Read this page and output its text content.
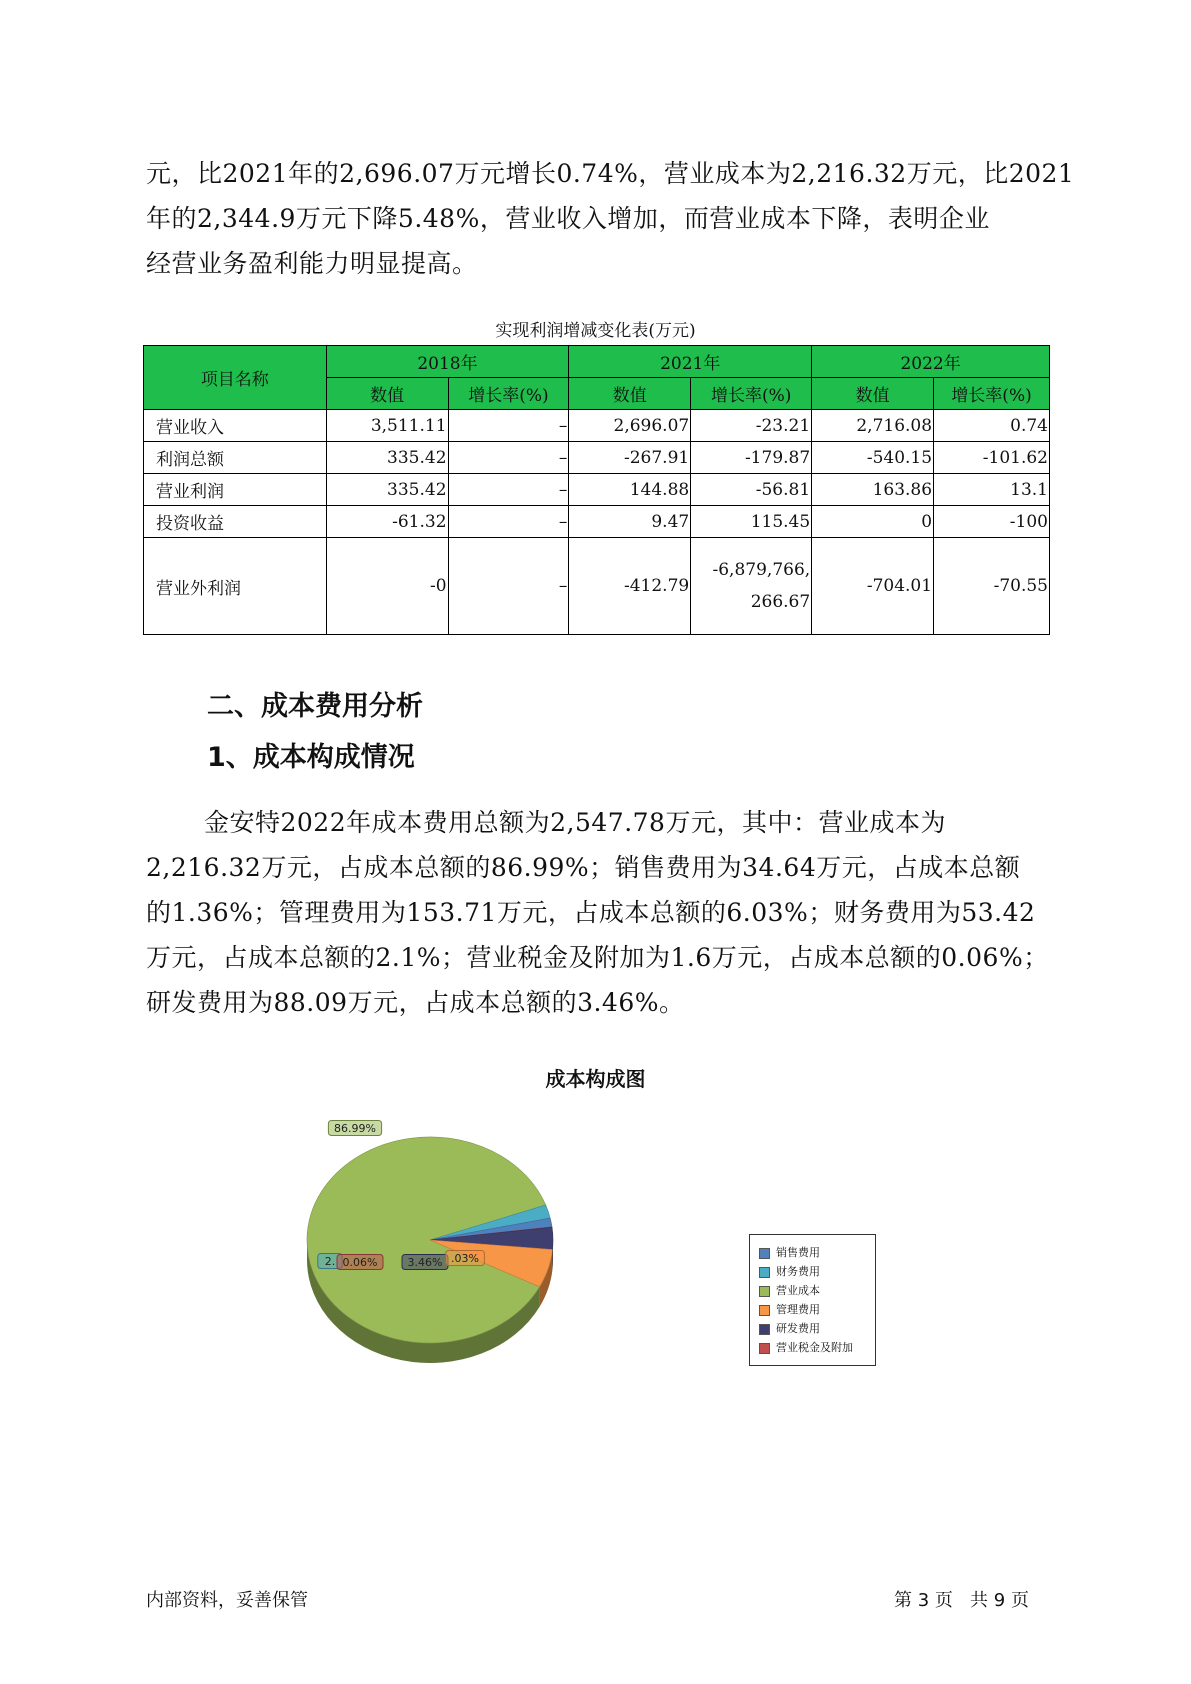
元，比2021年的2,696.07万元增长0.74%，营业成本为2,216.32万元，比2021

年的2,344.9万元下降5.48%，营业收入增加，而营业成本下降，表明企业

经营业务盈利能力明显提高。

实现利润增减变化表(万元)
项目名称	2018年		2021年		2022年	
	数值	增长率(%)	数值	增长率(%)	数值	增长率(%)
营业收入	3,511.11	–	2,696.07	-23.21	2,716.08	0.74
利润总额	335.42	–	-267.91	-179.87	-540.15	-101.62
营业利润	335.42	–	144.88	-56.81	163.86	13.1
投资收益	-61.32	–	9.47	115.45	0	-100
营业外利润	-0	–	-412.79	-6,879,766,
266.67	-704.01	-70.55
二、成本费用分析
1、成本构成情况

金安特2022年成本费用总额为2,547.78万元，其中：营业成本为

2,216.32万元，占成本总额的86.99%；销售费用为34.64万元，占成本总额

的1.36%；管理费用为153.71万元，占成本总额的6.03%；财务费用为53.42

万元，占成本总额的2.1%；营业税金及附加为1.6万元，占成本总额的0.06%；

研发费用为88.09万元，占成本总额的3.46%。

成本构成图
86.99%
2. 0.06%	3.46% .03%	销售费用
财务费用
营业成本
管理费用
研发费用
营业税金及附加
内部资料，妥善保管	第 3 页   共 9 页
